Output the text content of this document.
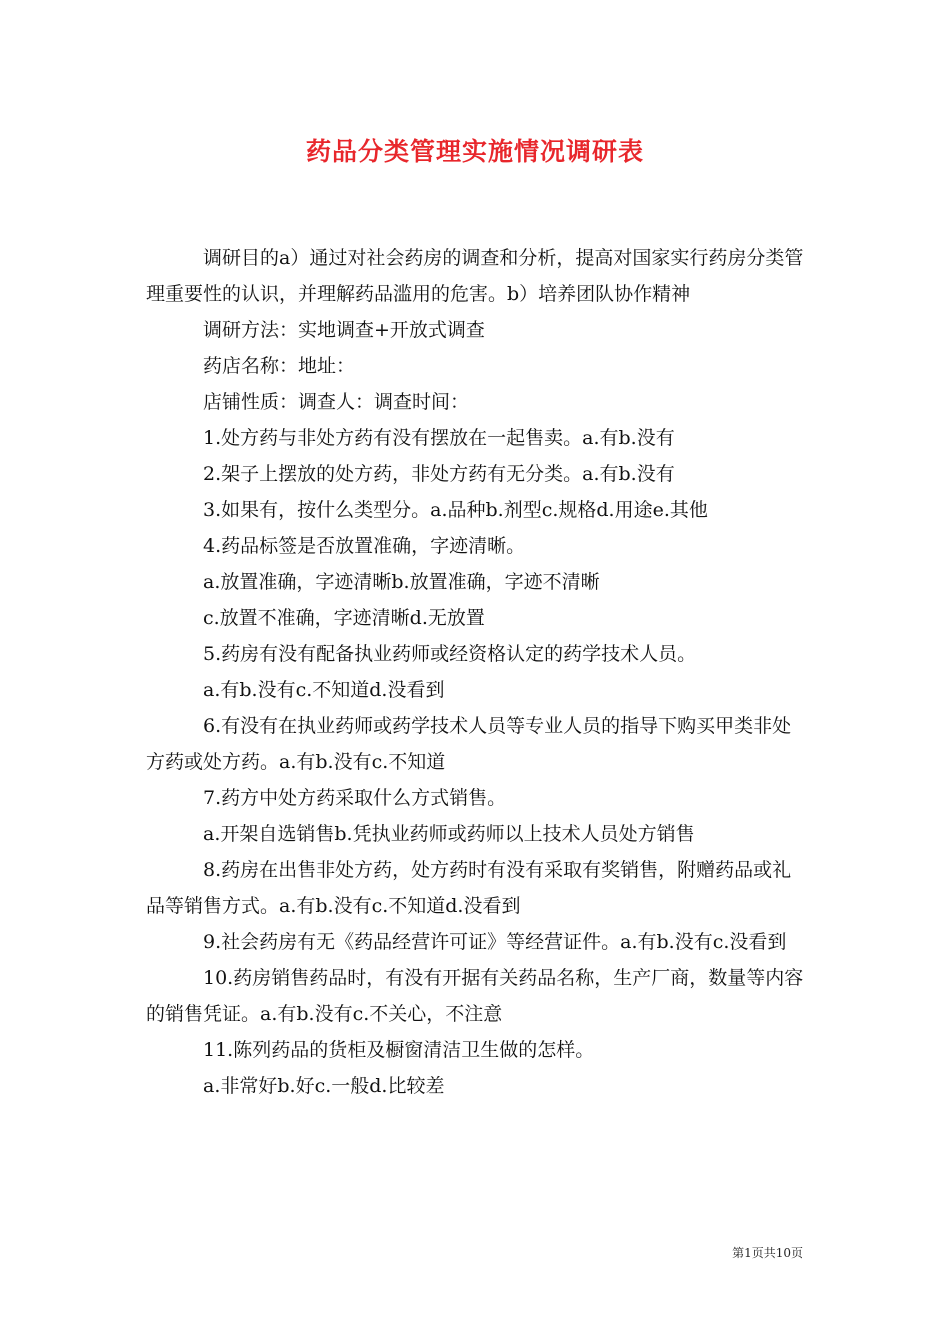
药品分类管理实施情况调研表

调研目的a）通过对社会药房的调查和分析，提高对国家实行药房分类管理重要性的认识，并理解药品滥用的危害。b）培养团队协作精神

调研方法：实地调查+开放式调查

药店名称：地址：

店铺性质：调查人：调查时间：

1.处方药与非处方药有没有摆放在一起售卖。a.有b.没有

2.架子上摆放的处方药，非处方药有无分类。a.有b.没有

3.如果有，按什么类型分。a.品种b.剂型c.规格d.用途e.其他

4.药品标签是否放置准确，字迹清晰。

a.放置准确，字迹清晰b.放置准确，字迹不清晰

c.放置不准确，字迹清晰d.无放置

5.药房有没有配备执业药师或经资格认定的药学技术人员。

a.有b.没有c.不知道d.没看到

6.有没有在执业药师或药学技术人员等专业人员的指导下购买甲类非处方药或处方药。a.有b.没有c.不知道

7.药方中处方药采取什么方式销售。

a.开架自选销售b.凭执业药师或药师以上技术人员处方销售

8.药房在出售非处方药，处方药时有没有采取有奖销售，附赠药品或礼品等销售方式。a.有b.没有c.不知道d.没看到

9.社会药房有无《药品经营许可证》等经营证件。a.有b.没有c.没看到

10.药房销售药品时，有没有开据有关药品名称，生产厂商，数量等内容的销售凭证。a.有b.没有c.不关心，不注意

11.陈列药品的货柜及橱窗清洁卫生做的怎样。

a.非常好b.好c.一般d.比较差

第1页共10页
